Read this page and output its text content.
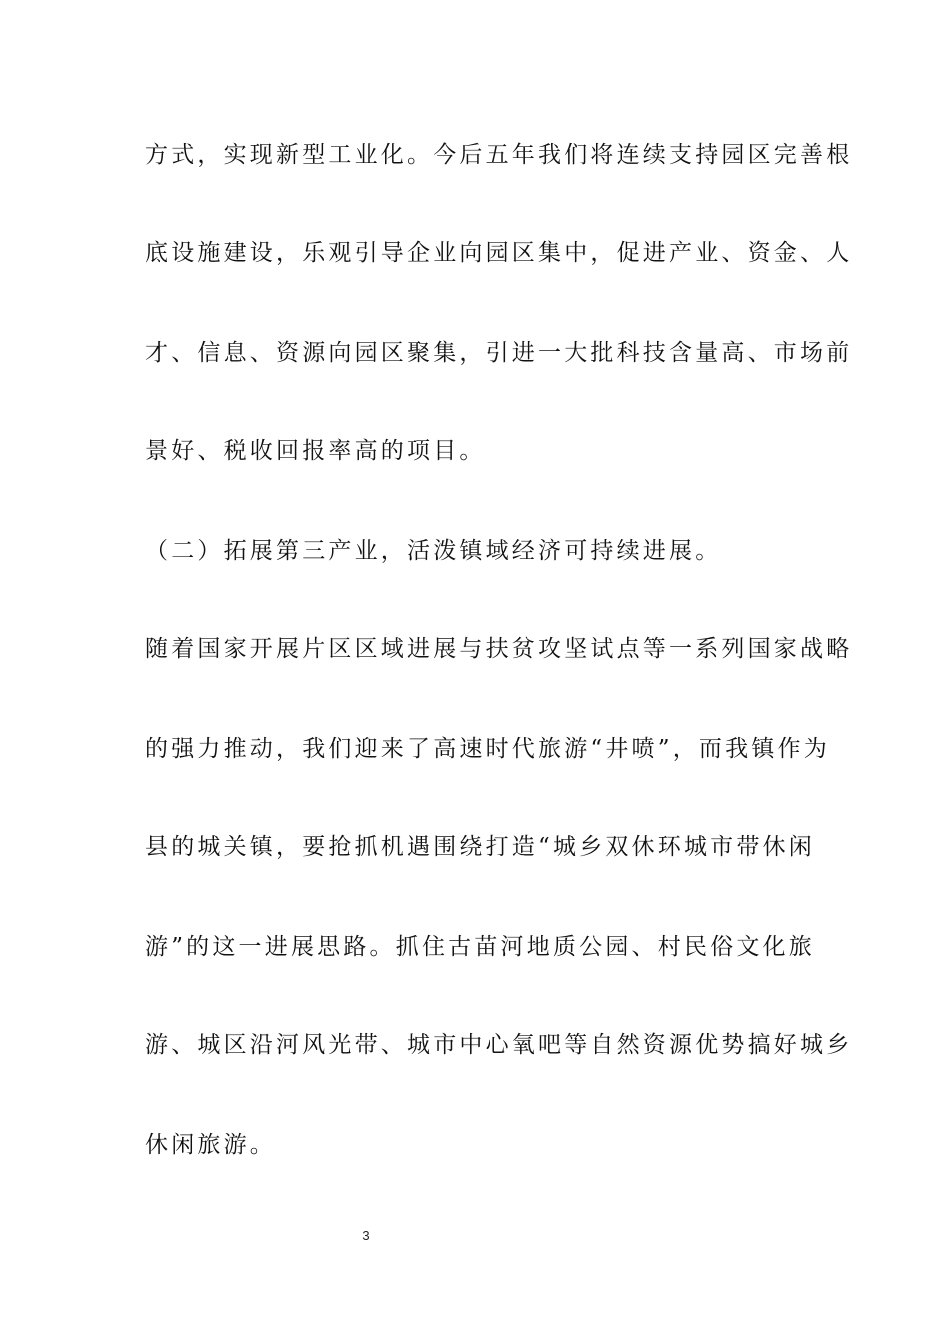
方式，实现新型工业化。今后五年我们将连续支持园区完善根
底设施建设，乐观引导企业向园区集中，促进产业、资金、人
才、信息、资源向园区聚集，引进一大批科技含量高、市场前
景好、税收回报率高的项目。
（二）拓展第三产业，活泼镇域经济可持续进展。
随着国家开展片区区域进展与扶贫攻坚试点等一系列国家战略
的强力推动，我们迎来了高速时代旅游“井喷”，而我镇作为
县的城关镇，要抢抓机遇围绕打造“城乡双休环城市带休闲
游”的这一进展思路。抓住古苗河地质公园、村民俗文化旅
游、城区沿河风光带、城市中心氧吧等自然资源优势搞好城乡
休闲旅游。
3
